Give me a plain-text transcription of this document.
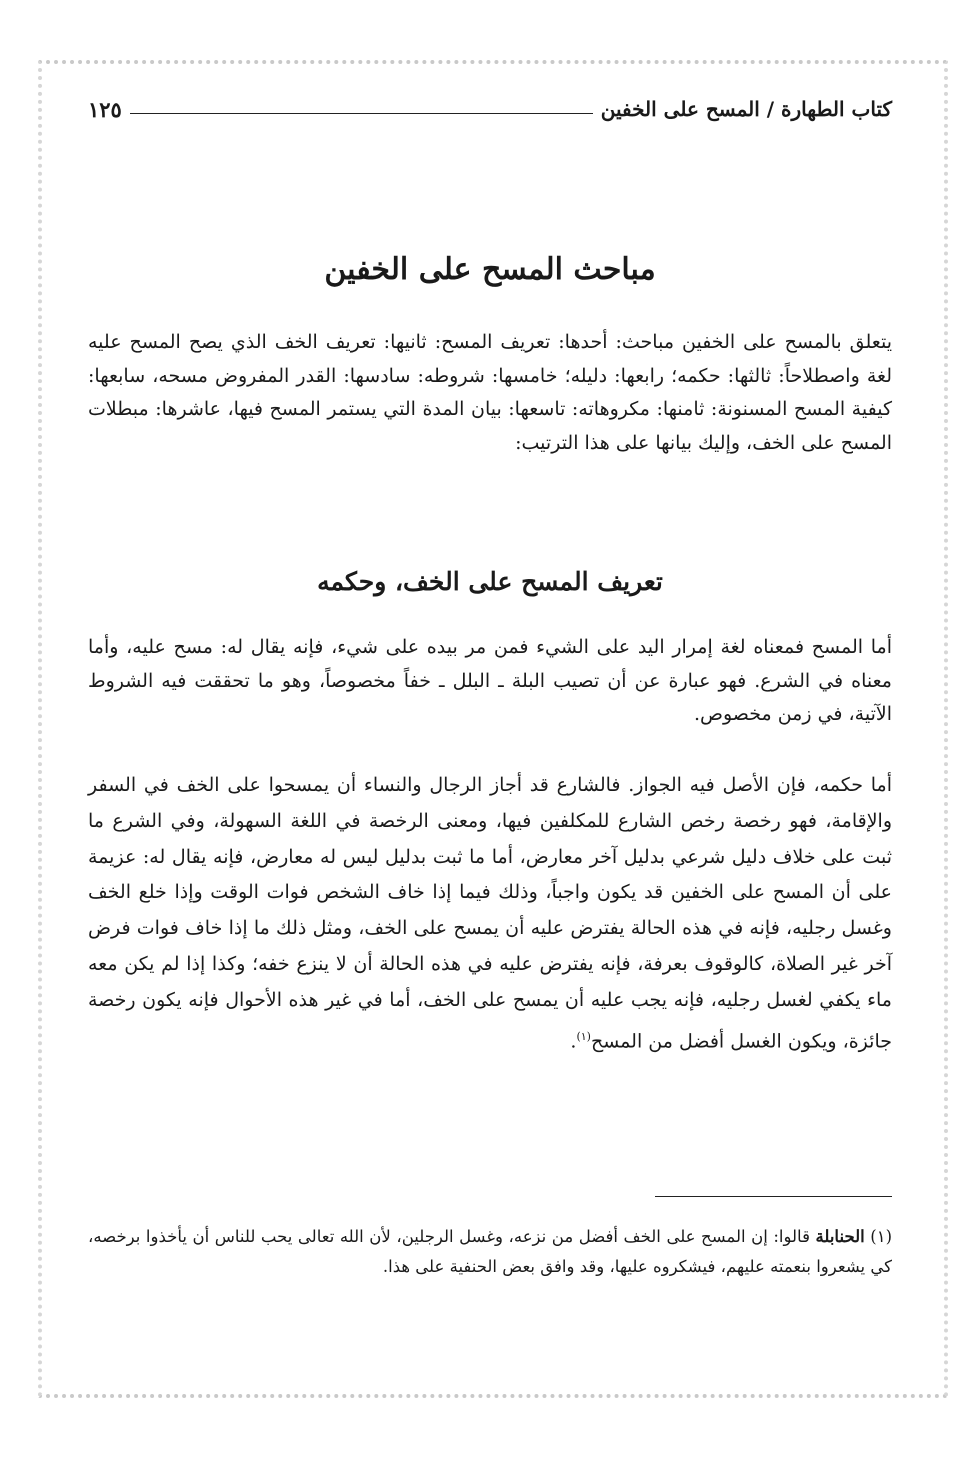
كتاب الطهارة / المسح على الخفين
١٢٥
مباحث المسح على الخفين
يتعلق بالمسح على الخفين مباحث: أحدها: تعريف المسح: ثانيها: تعريف الخف الذي يصح المسح عليه لغة واصطلاحاً: ثالثها: حكمه؛ رابعها: دليله؛ خامسها: شروطه: سادسها: القدر المفروض مسحه، سابعها: كيفية المسح المسنونة: ثامنها: مكروهاته: تاسعها: بيان المدة التي يستمر المسح فيها، عاشرها: مبطلات المسح على الخف، وإليك بيانها على هذا الترتيب:
تعريف المسح على الخف، وحكمه
أما المسح فمعناه لغة إمرار اليد على الشيء فمن مر بيده على شيء، فإنه يقال له: مسح عليه، وأما معناه في الشرع. فهو عبارة عن أن تصيب البلة ـ البلل ـ خفاً مخصوصاً، وهو ما تحققت فيه الشروط الآتية، في زمن مخصوص.
أما حكمه، فإن الأصل فيه الجواز. فالشارع قد أجاز الرجال والنساء أن يمسحوا على الخف في السفر والإقامة، فهو رخصة رخص الشارع للمكلفين فيها، ومعنى الرخصة في اللغة السهولة، وفي الشرع ما ثبت على خلاف دليل شرعي بدليل آخر معارض، أما ما ثبت بدليل ليس له معارض، فإنه يقال له: عزيمة على أن المسح على الخفين قد يكون واجباً، وذلك فيما إذا خاف الشخص فوات الوقت وإذا خلع الخف وغسل رجليه، فإنه في هذه الحالة يفترض عليه أن يمسح على الخف، ومثل ذلك ما إذا خاف فوات فرض آخر غير الصلاة، كالوقوف بعرفة، فإنه يفترض عليه في هذه الحالة أن لا ينزع خفه؛ وكذا إذا لم يكن معه ماء يكفي لغسل رجليه، فإنه يجب عليه أن يمسح على الخف، أما في غير هذه الأحوال فإنه يكون رخصة جائزة، ويكون الغسل أفضل من المسح$^{(١)}$.
(١) الحنابلة قالوا: إن المسح على الخف أفضل من نزعه، وغسل الرجلين، لأن الله تعالى يحب للناس أن يأخذوا برخصه، كي يشعروا بنعمته عليهم، فيشكروه عليها، وقد وافق بعض الحنفية على هذا.
